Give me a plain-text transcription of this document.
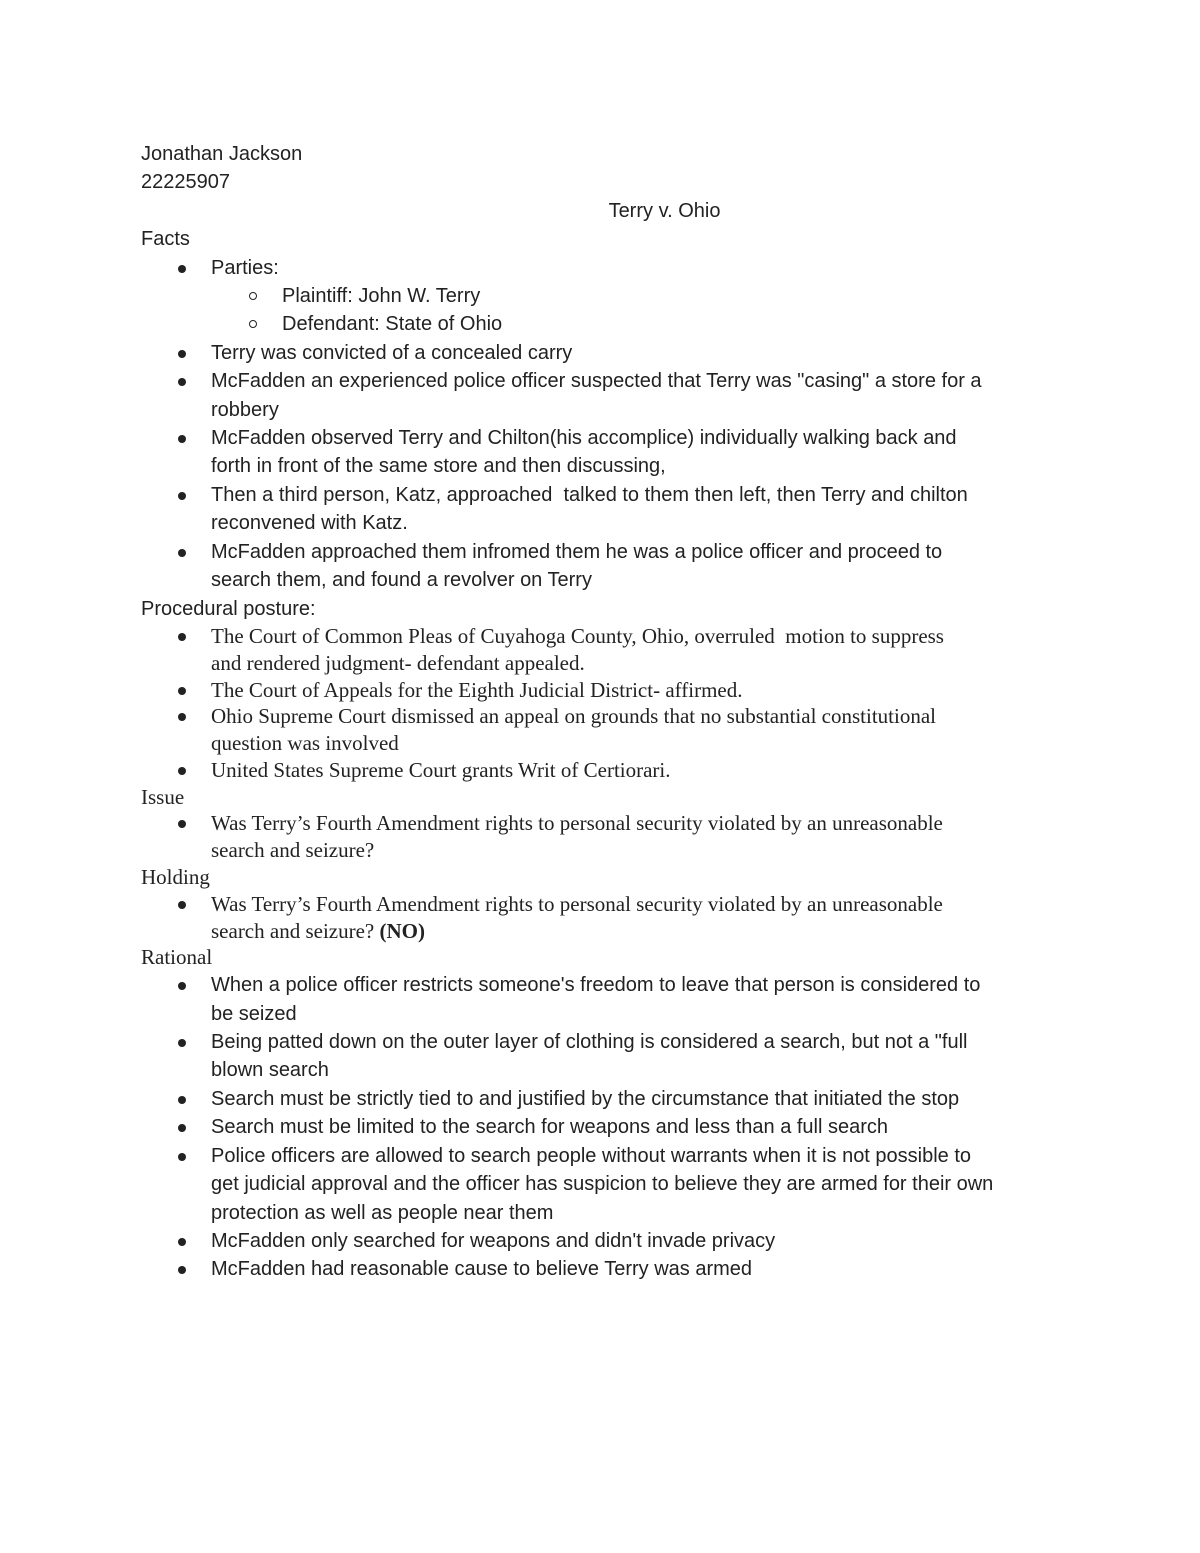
Jonathan Jackson
22225907
Terry v. Ohio
Facts
Parties:
Plaintiff: John W. Terry
Defendant: State of Ohio
Terry was convicted of a concealed carry
McFadden an experienced police officer suspected that Terry was "casing" a store for a
robbery
McFadden observed Terry and Chilton(his accomplice) individually walking back and
forth in front of the same store and then discussing,
Then a third person, Katz, approached  talked to them then left, then Terry and chilton
reconvened with Katz.
McFadden approached them infromed them he was a police officer and proceed to
search them, and found a revolver on Terry
Procedural posture:
The Court of Common Pleas of Cuyahoga County, Ohio, overruled  motion to suppress
and rendered judgment- defendant appealed.
The Court of Appeals for the Eighth Judicial District- affirmed.
Ohio Supreme Court dismissed an appeal on grounds that no substantial constitutional
question was involved
United States Supreme Court grants Writ of Certiorari.
Issue
Was Terry’s Fourth Amendment rights to personal security violated by an unreasonable
search and seizure?
Holding
Was Terry’s Fourth Amendment rights to personal security violated by an unreasonable
search and seizure? (NO)
Rational
When a police officer restricts someone's freedom to leave that person is considered to
be seized
Being patted down on the outer layer of clothing is considered a search, but not a "full
blown search
Search must be strictly tied to and justified by the circumstance that initiated the stop
Search must be limited to the search for weapons and less than a full search
Police officers are allowed to search people without warrants when it is not possible to
get judicial approval and the officer has suspicion to believe they are armed for their own
protection as well as people near them
McFadden only searched for weapons and didn't invade privacy
McFadden had reasonable cause to believe Terry was armed
